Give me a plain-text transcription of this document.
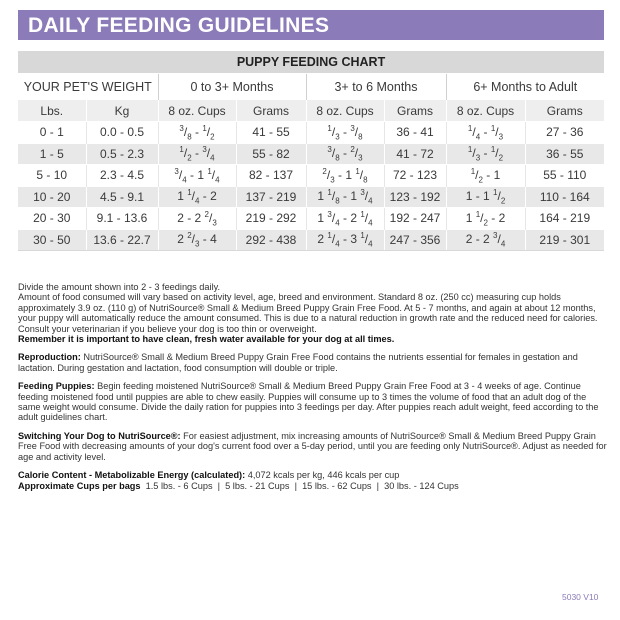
DAILY FEEDING GUIDELINES
PUPPY FEEDING CHART							
YOUR PET'S WEIGHT		0 to 3+ Months		3+ to 6 Months		6+ Months to Adult	
Lbs.	Kg	8 oz. Cups	Grams	8 oz. Cups	Grams	8 oz. Cups	Grams
0 - 1	0.0 - 0.5	$^3/_8 - ^1/_2$	41 - 55	$^1/_3 - ^3/_8$	36 - 41	$^1/_4 - ^1/_3$	27 - 36
1 - 5	0.5 - 2.3	$^1/_2 - ^3/_4$	55 - 82	$^3/_8 - ^2/_3$	41 - 72	$^1/_3 - ^1/_2$	36 - 55
5 - 10	2.3 - 4.5	$^3/_4 - 1$ $^1/_4$	82 - 137	$^2/_3 - 1$ $^1/_8$	72 - 123	$^1/_2 - 1$	55 - 110
10 - 20	4.5 - 9.1	1 $^1/_4 - 2$	137 - 219	1 $^1/_8 - 1$ $^3/_4$	123 - 192	1 - 1 $^1/_2$	110 - 164
20 - 30	9.1 - 13.6	2 - 2 $^2/_3$	219 - 292	1 $^3/_4 - 2$ $^1/_4$	192 - 247	1 $^1/_2 - 2$	164 - 219
30 - 50	13.6 - 22.7	2 $^2/_3 - 4$	292 - 438	2 $^1/_4 - 3$ $^1/_4$	247 - 356	2 - 2 $^3/_4$	219 - 301

Divide the amount shown into 2 - 3 feedings daily.
Amount of food consumed will vary based on activity level, age, breed and environment. Standard 8 oz. (250 cc) measuring cup holds approximately 3.9 oz. (110 g) of NutriSource® Small & Medium Breed Puppy Grain Free Food. At 5 - 7 months, and again at about 12 months, your puppy will automatically reduce the amount consumed. This is due to a natural reduction in growth rate and the reduced need for calories. Consult your veterinarian if you believe your dog is too thin or overweight.
Remember it is important to have clean, fresh water available for your dog at all times.

Reproduction: NutriSource® Small & Medium Breed Puppy Grain Free Food contains the nutrients essential for females in gestation and lactation. During gestation and lactation, food consumption will double or triple.

Feeding Puppies: Begin feeding moistened NutriSource® Small & Medium Breed Puppy Grain Free Food at 3 - 4 weeks of age. Continue feeding moistened food until puppies are able to chew easily. Puppies will consume up to 3 times the volume of food that an adult dog of the same weight would consume. Divide the daily ration for puppies into 3 feedings per day. After puppies reach adult weight, feed according to the adult guidelines chart.

Switching Your Dog to NutriSource®: For easiest adjustment, mix increasing amounts of NutriSource® Small & Medium Breed Puppy Grain Free Food with decreasing amounts of your dog's current food over a 5-day period, until you are feeding only NutriSource®. Adjust as needed for age and activity level.

Calorie Content - Metabolizable Energy (calculated): 4,072 kcals per kg, 446 kcals per cup
Approximate Cups per bags  1.5 lbs. - 6 Cups  |  5 lbs. - 21 Cups  |  15 lbs. - 62 Cups  |  30 lbs. - 124 Cups

5030 V10
